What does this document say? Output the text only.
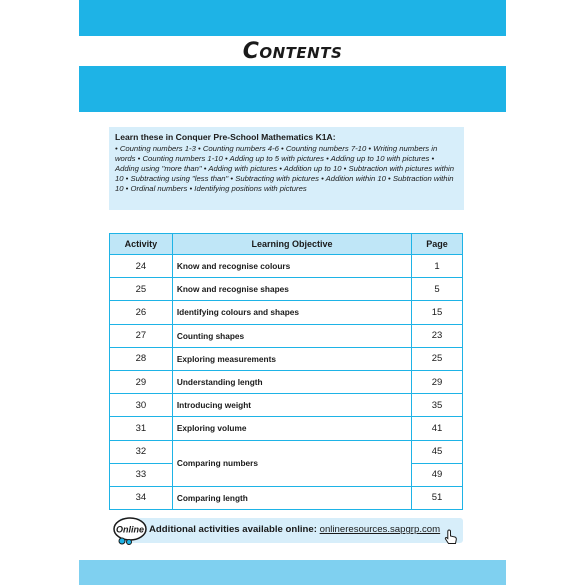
Contents
Learn these in Conquer Pre-School Mathematics K1A:
• Counting numbers 1-3 • Counting numbers 4-6 • Counting numbers 7-10 • Writing numbers in words • Counting numbers 1-10 • Adding up to 5 with pictures • Adding up to 10 with pictures • Adding using "more than" • Adding with pictures • Addition up to 10 • Subtraction with pictures within 10 • Subtracting using "less than" • Subtracting with pictures • Addition within 10 • Subtraction within 10 • Ordinal numbers • Identifying positions with pictures
Activity	Learning Objective	Page
24	Know and recognise colours	1
25	Know and recognise shapes	5
26	Identifying colours and shapes	15
27	Counting shapes	23
28	Exploring measurements	25
29	Understanding length	29
30	Introducing weight	35
31	Exploring volume	41
32	Comparing numbers	45
33		49
34	Comparing length	51
Online Additional activities available online: onlineresources.sapgrp.com
